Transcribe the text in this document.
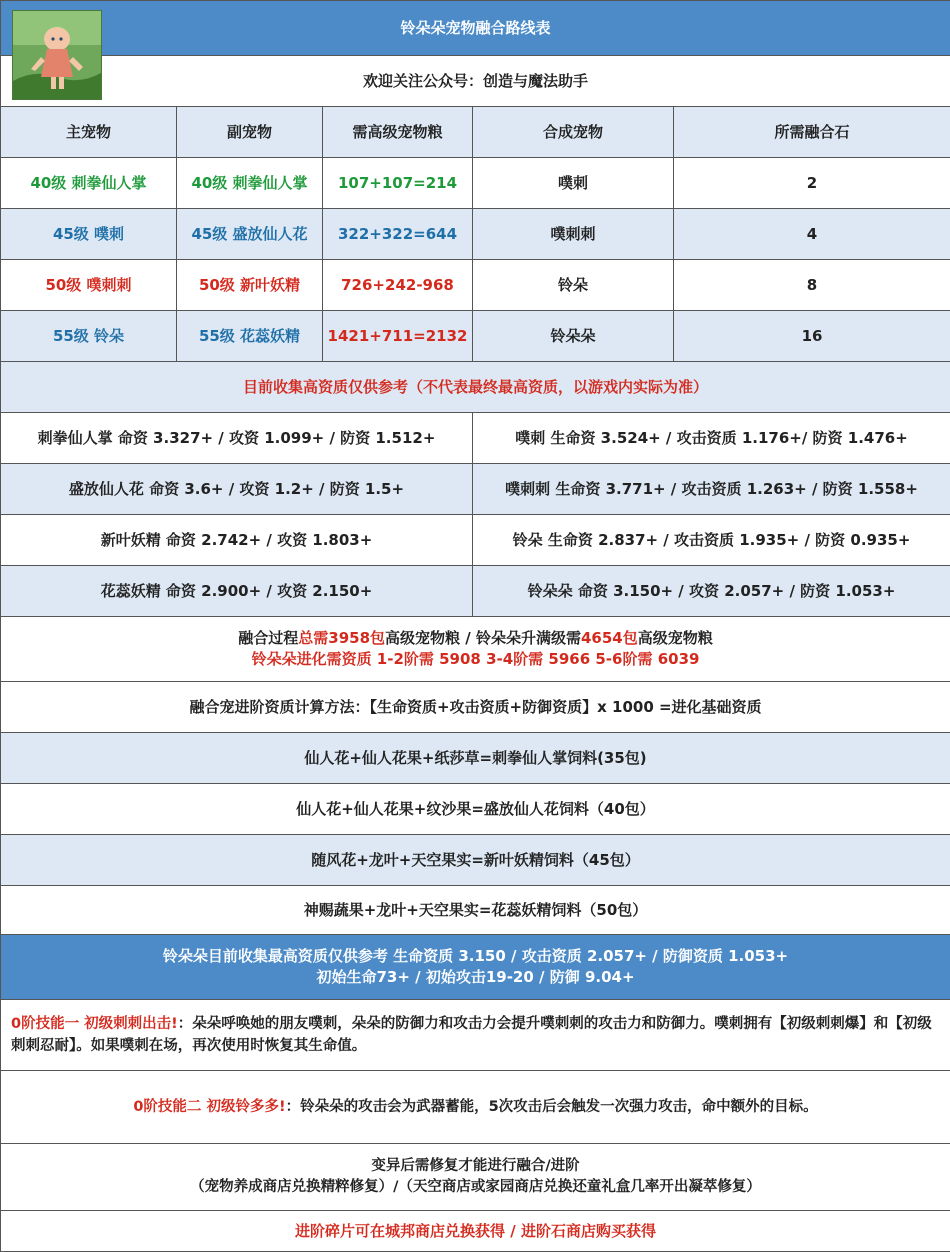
铃朵朵宠物融合路线表				
欢迎关注公众号：创造与魔法助手				
主宠物	副宠物	需高级宠物粮	合成宠物	所需融合石
40级 刺拳仙人掌	40级 刺拳仙人掌	107+107=214	噗刺	2
45级 噗刺	45级 盛放仙人花	322+322=644	噗刺刺	4
50级 噗刺刺	50级 新叶妖精	726+242-968	铃朵	8
55级 铃朵	55级 花蕊妖精	1421+711=2132	铃朵朵	16
目前收集高资质仅供参考（不代表最终最高资质，以游戏内实际为准）				
刺拳仙人掌 命资 3.327+ / 攻资 1.099+ / 防资 1.512+			噗刺 生命资 3.524+ / 攻击资质 1.176+/ 防资 1.476+	
盛放仙人花 命资 3.6+ / 攻资 1.2+ / 防资 1.5+			噗刺刺 生命资 3.771+ / 攻击资质 1.263+ / 防资 1.558+	
新叶妖精 命资 2.742+ / 攻资 1.803+			铃朵 生命资 2.837+ / 攻击资质 1.935+ / 防资 0.935+	
花蕊妖精 命资 2.900+ / 攻资 2.150+			铃朵朵 命资 3.150+ / 攻资 2.057+ / 防资 1.053+	

融合过程总需3958包高级宠物粮 / 铃朵朵升满级需4654包高级宠物粮
铃朵朵进化需资质 1-2阶需 5908 3-4阶需 5966 5-6阶需 6039				

融合宠进阶资质计算方法：【生命资质+攻击资质+防御资质】x 1000 =进化基础资质				
仙人花+仙人花果+纸莎草=刺拳仙人掌饲料(35包)				
仙人花+仙人花果+纹沙果=盛放仙人花饲料（40包）				
随风花+龙叶+天空果实=新叶妖精饲料（45包）				
神赐蔬果+龙叶+天空果实=花蕊妖精饲料（50包）				

铃朵朵目前收集最高资质仅供参考 生命资质 3.150 / 攻击资质 2.057+ / 防御资质 1.053+
初始生命73+ / 初始攻击19-20 / 防御 9.04+				

0阶技能一 初级刺刺出击!：朵朵呼唤她的朋友噗刺，朵朵的防御力和攻击力会提升噗刺刺的攻击力和防御力。噗刺拥有【初级刺刺爆】和【初级刺刺忍耐】。如果噗刺在场，再次使用时恢复其生命值。				
0阶技能二 初级铃多多!：铃朵朵的攻击会为武器蓄能，5次攻击后会触发一次强力攻击，命中额外的目标。				

变异后需修复才能进行融合/进阶
（宠物养成商店兑换精粹修复）/（天空商店或家园商店兑换还童礼盒几率开出凝萃修复）				

进阶碎片可在城邦商店兑换获得 / 进阶石商店购买获得				
